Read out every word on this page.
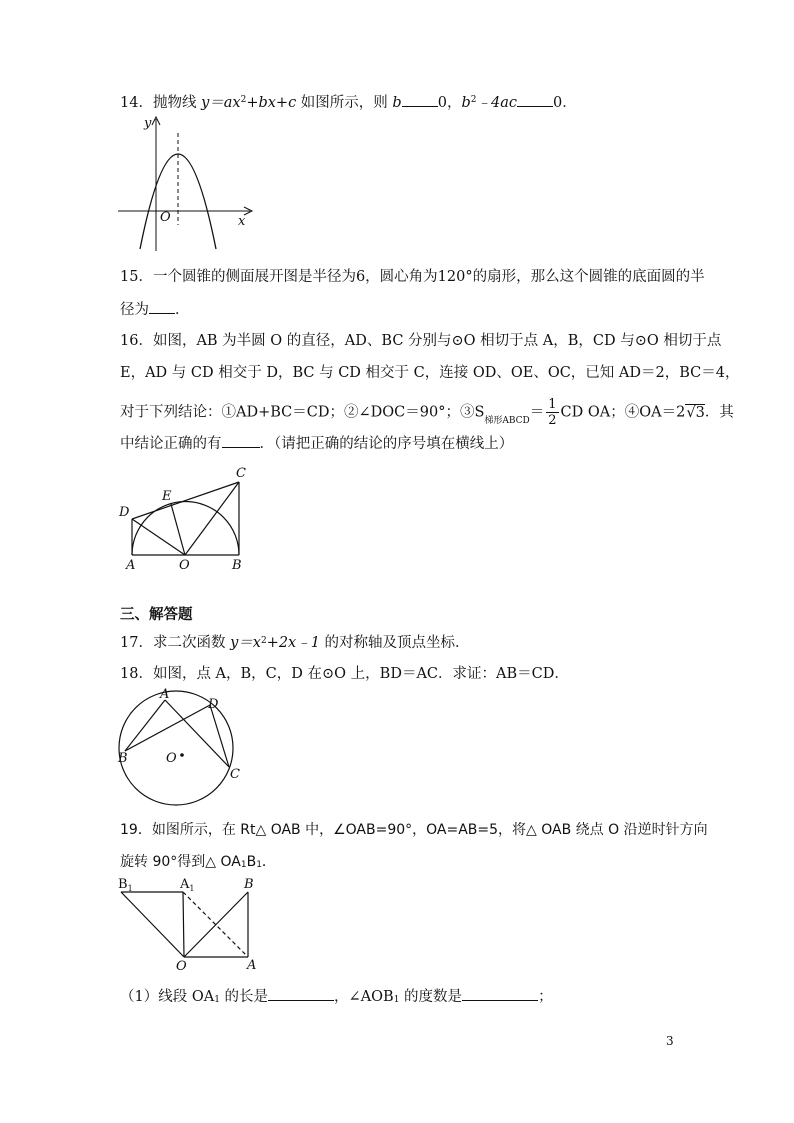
14．抛物线 $y=ax^2+bx+c$ 如图所示，则 b 0，$b^2﹣4ac$ 0．
y
x
O
15．一个圆锥的侧面展开图是半径为6，圆心角为120°的扇形，那么这个圆锥的底面圆的半
径为 ．
16．如图，AB 为半圆 O 的直径，AD、BC 分别与⊙O 相切于点 A，B，CD 与⊙O 相切于点
E，AD 与 CD 相交于 D，BC 与 CD 相交于 C，连接 OD、OE、OC，已知 AD＝2，BC＝4，
对于下列结论：①AD+BC＝CD；②∠DOC＝90°；$③S_{梯形ABCD}= \frac{1}{2}$ CD OA；④OA＝2√3．其
中结论正确的有	．（请把正确的结论的序号填在横线上）
C
E
D
A	O	B
三、解答题
17．求二次函数 $y=x^2+2x﹣1$ 的对称轴及顶点坐标．
18．如图，点 A，B，C，D 在⊙O 上，BD＝AC．求证：AB＝CD．
A
D
B	O
C
19．如图所示，在 Rt△ OAB 中，∠OAB=90°，OA=AB=5，将△ OAB 绕点 O 沿逆时针方向
旋转 90°得到△ $OA_1B_1$．
$B_1$	$A_1$	B
O	A
（1）线段 $OA_1$ 的长是	，$\angle AOB_1$ 的度数是	；
3
